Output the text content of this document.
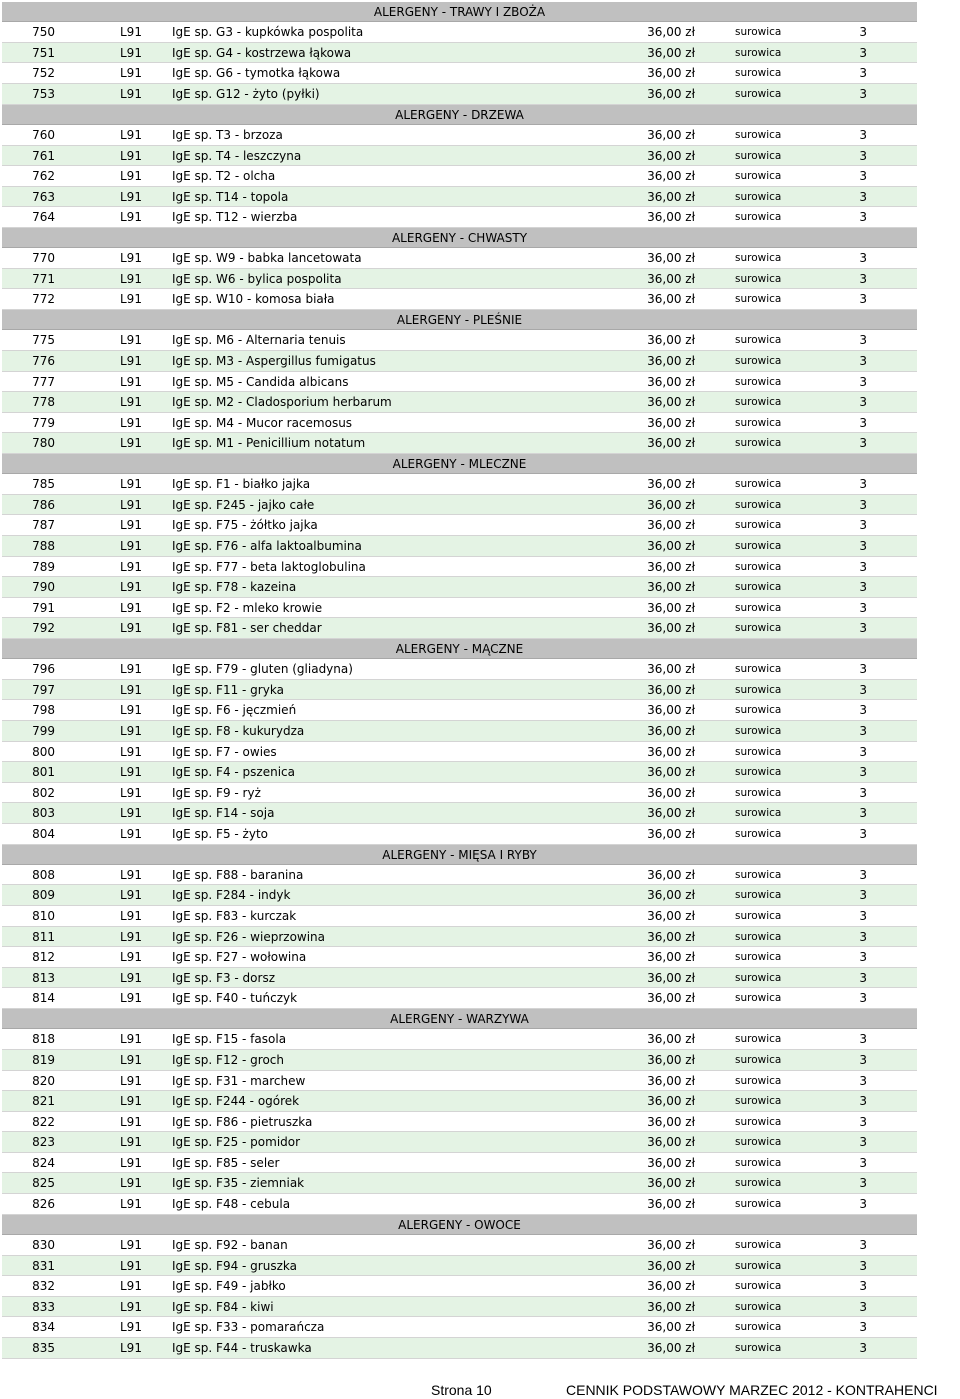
ALERGENY - TRAWY I ZBOŻA
750	L91	IgE sp. G3 - kupkówka pospolita	36,00 zł	surowica	3
751	L91	IgE sp. G4 - kostrzewa łąkowa	36,00 zł	surowica	3
752	L91	IgE sp. G6 - tymotka łąkowa	36,00 zł	surowica	3
753	L91	IgE sp. G12 - żyto (pyłki)	36,00 zł	surowica	3
ALERGENY - DRZEWA
760	L91	IgE sp. T3 - brzoza	36,00 zł	surowica	3
761	L91	IgE sp. T4 - leszczyna	36,00 zł	surowica	3
762	L91	IgE sp. T2 - olcha	36,00 zł	surowica	3
763	L91	IgE sp. T14 - topola	36,00 zł	surowica	3
764	L91	IgE sp. T12 - wierzba	36,00 zł	surowica	3
ALERGENY - CHWASTY
770	L91	IgE sp. W9 - babka lancetowata	36,00 zł	surowica	3
771	L91	IgE sp. W6 - bylica pospolita	36,00 zł	surowica	3
772	L91	IgE sp. W10 - komosa biała	36,00 zł	surowica	3
ALERGENY - PLEŚNIE
775	L91	IgE sp. M6 - Alternaria tenuis	36,00 zł	surowica	3
776	L91	IgE sp. M3 - Aspergillus fumigatus	36,00 zł	surowica	3
777	L91	IgE sp. M5 - Candida albicans	36,00 zł	surowica	3
778	L91	IgE sp. M2 - Cladosporium herbarum	36,00 zł	surowica	3
779	L91	IgE sp. M4 - Mucor racemosus	36,00 zł	surowica	3
780	L91	IgE sp. M1 - Penicillium notatum	36,00 zł	surowica	3
ALERGENY - MLECZNE
785	L91	IgE sp. F1 - białko jajka	36,00 zł	surowica	3
786	L91	IgE sp. F245 - jajko całe	36,00 zł	surowica	3
787	L91	IgE sp. F75 - żółtko jajka	36,00 zł	surowica	3
788	L91	IgE sp. F76 - alfa laktoalbumina	36,00 zł	surowica	3
789	L91	IgE sp. F77 - beta laktoglobulina	36,00 zł	surowica	3
790	L91	IgE sp. F78 - kazeina	36,00 zł	surowica	3
791	L91	IgE sp. F2 - mleko krowie	36,00 zł	surowica	3
792	L91	IgE sp. F81 - ser cheddar	36,00 zł	surowica	3
ALERGENY - MĄCZNE
796	L91	IgE sp. F79 - gluten (gliadyna)	36,00 zł	surowica	3
797	L91	IgE sp. F11 - gryka	36,00 zł	surowica	3
798	L91	IgE sp. F6 - jęczmień	36,00 zł	surowica	3
799	L91	IgE sp. F8 - kukurydza	36,00 zł	surowica	3
800	L91	IgE sp. F7 - owies	36,00 zł	surowica	3
801	L91	IgE sp. F4 - pszenica	36,00 zł	surowica	3
802	L91	IgE sp. F9 - ryż	36,00 zł	surowica	3
803	L91	IgE sp. F14 - soja	36,00 zł	surowica	3
804	L91	IgE sp. F5 - żyto	36,00 zł	surowica	3
ALERGENY - MIĘSA I RYBY
808	L91	IgE sp. F88 - baranina	36,00 zł	surowica	3
809	L91	IgE sp. F284 - indyk	36,00 zł	surowica	3
810	L91	IgE sp. F83 - kurczak	36,00 zł	surowica	3
811	L91	IgE sp. F26 - wieprzowina	36,00 zł	surowica	3
812	L91	IgE sp. F27 - wołowina	36,00 zł	surowica	3
813	L91	IgE sp. F3 - dorsz	36,00 zł	surowica	3
814	L91	IgE sp. F40 - tuńczyk	36,00 zł	surowica	3
ALERGENY - WARZYWA
818	L91	IgE sp. F15 - fasola	36,00 zł	surowica	3
819	L91	IgE sp. F12 - groch	36,00 zł	surowica	3
820	L91	IgE sp. F31 - marchew	36,00 zł	surowica	3
821	L91	IgE sp. F244 - ogórek	36,00 zł	surowica	3
822	L91	IgE sp. F86 - pietruszka	36,00 zł	surowica	3
823	L91	IgE sp. F25 - pomidor	36,00 zł	surowica	3
824	L91	IgE sp. F85 - seler	36,00 zł	surowica	3
825	L91	IgE sp. F35 - ziemniak	36,00 zł	surowica	3
826	L91	IgE sp. F48 - cebula	36,00 zł	surowica	3
ALERGENY - OWOCE
830	L91	IgE sp. F92 - banan	36,00 zł	surowica	3
831	L91	IgE sp. F94 - gruszka	36,00 zł	surowica	3
832	L91	IgE sp. F49 - jabłko	36,00 zł	surowica	3
833	L91	IgE sp. F84 - kiwi	36,00 zł	surowica	3
834	L91	IgE sp. F33 - pomarańcza	36,00 zł	surowica	3
835	L91	IgE sp. F44 - truskawka	36,00 zł	surowica	3
Strona 10	CENNIK PODSTAWOWY MARZEC 2012 - KONTRAHENCI
